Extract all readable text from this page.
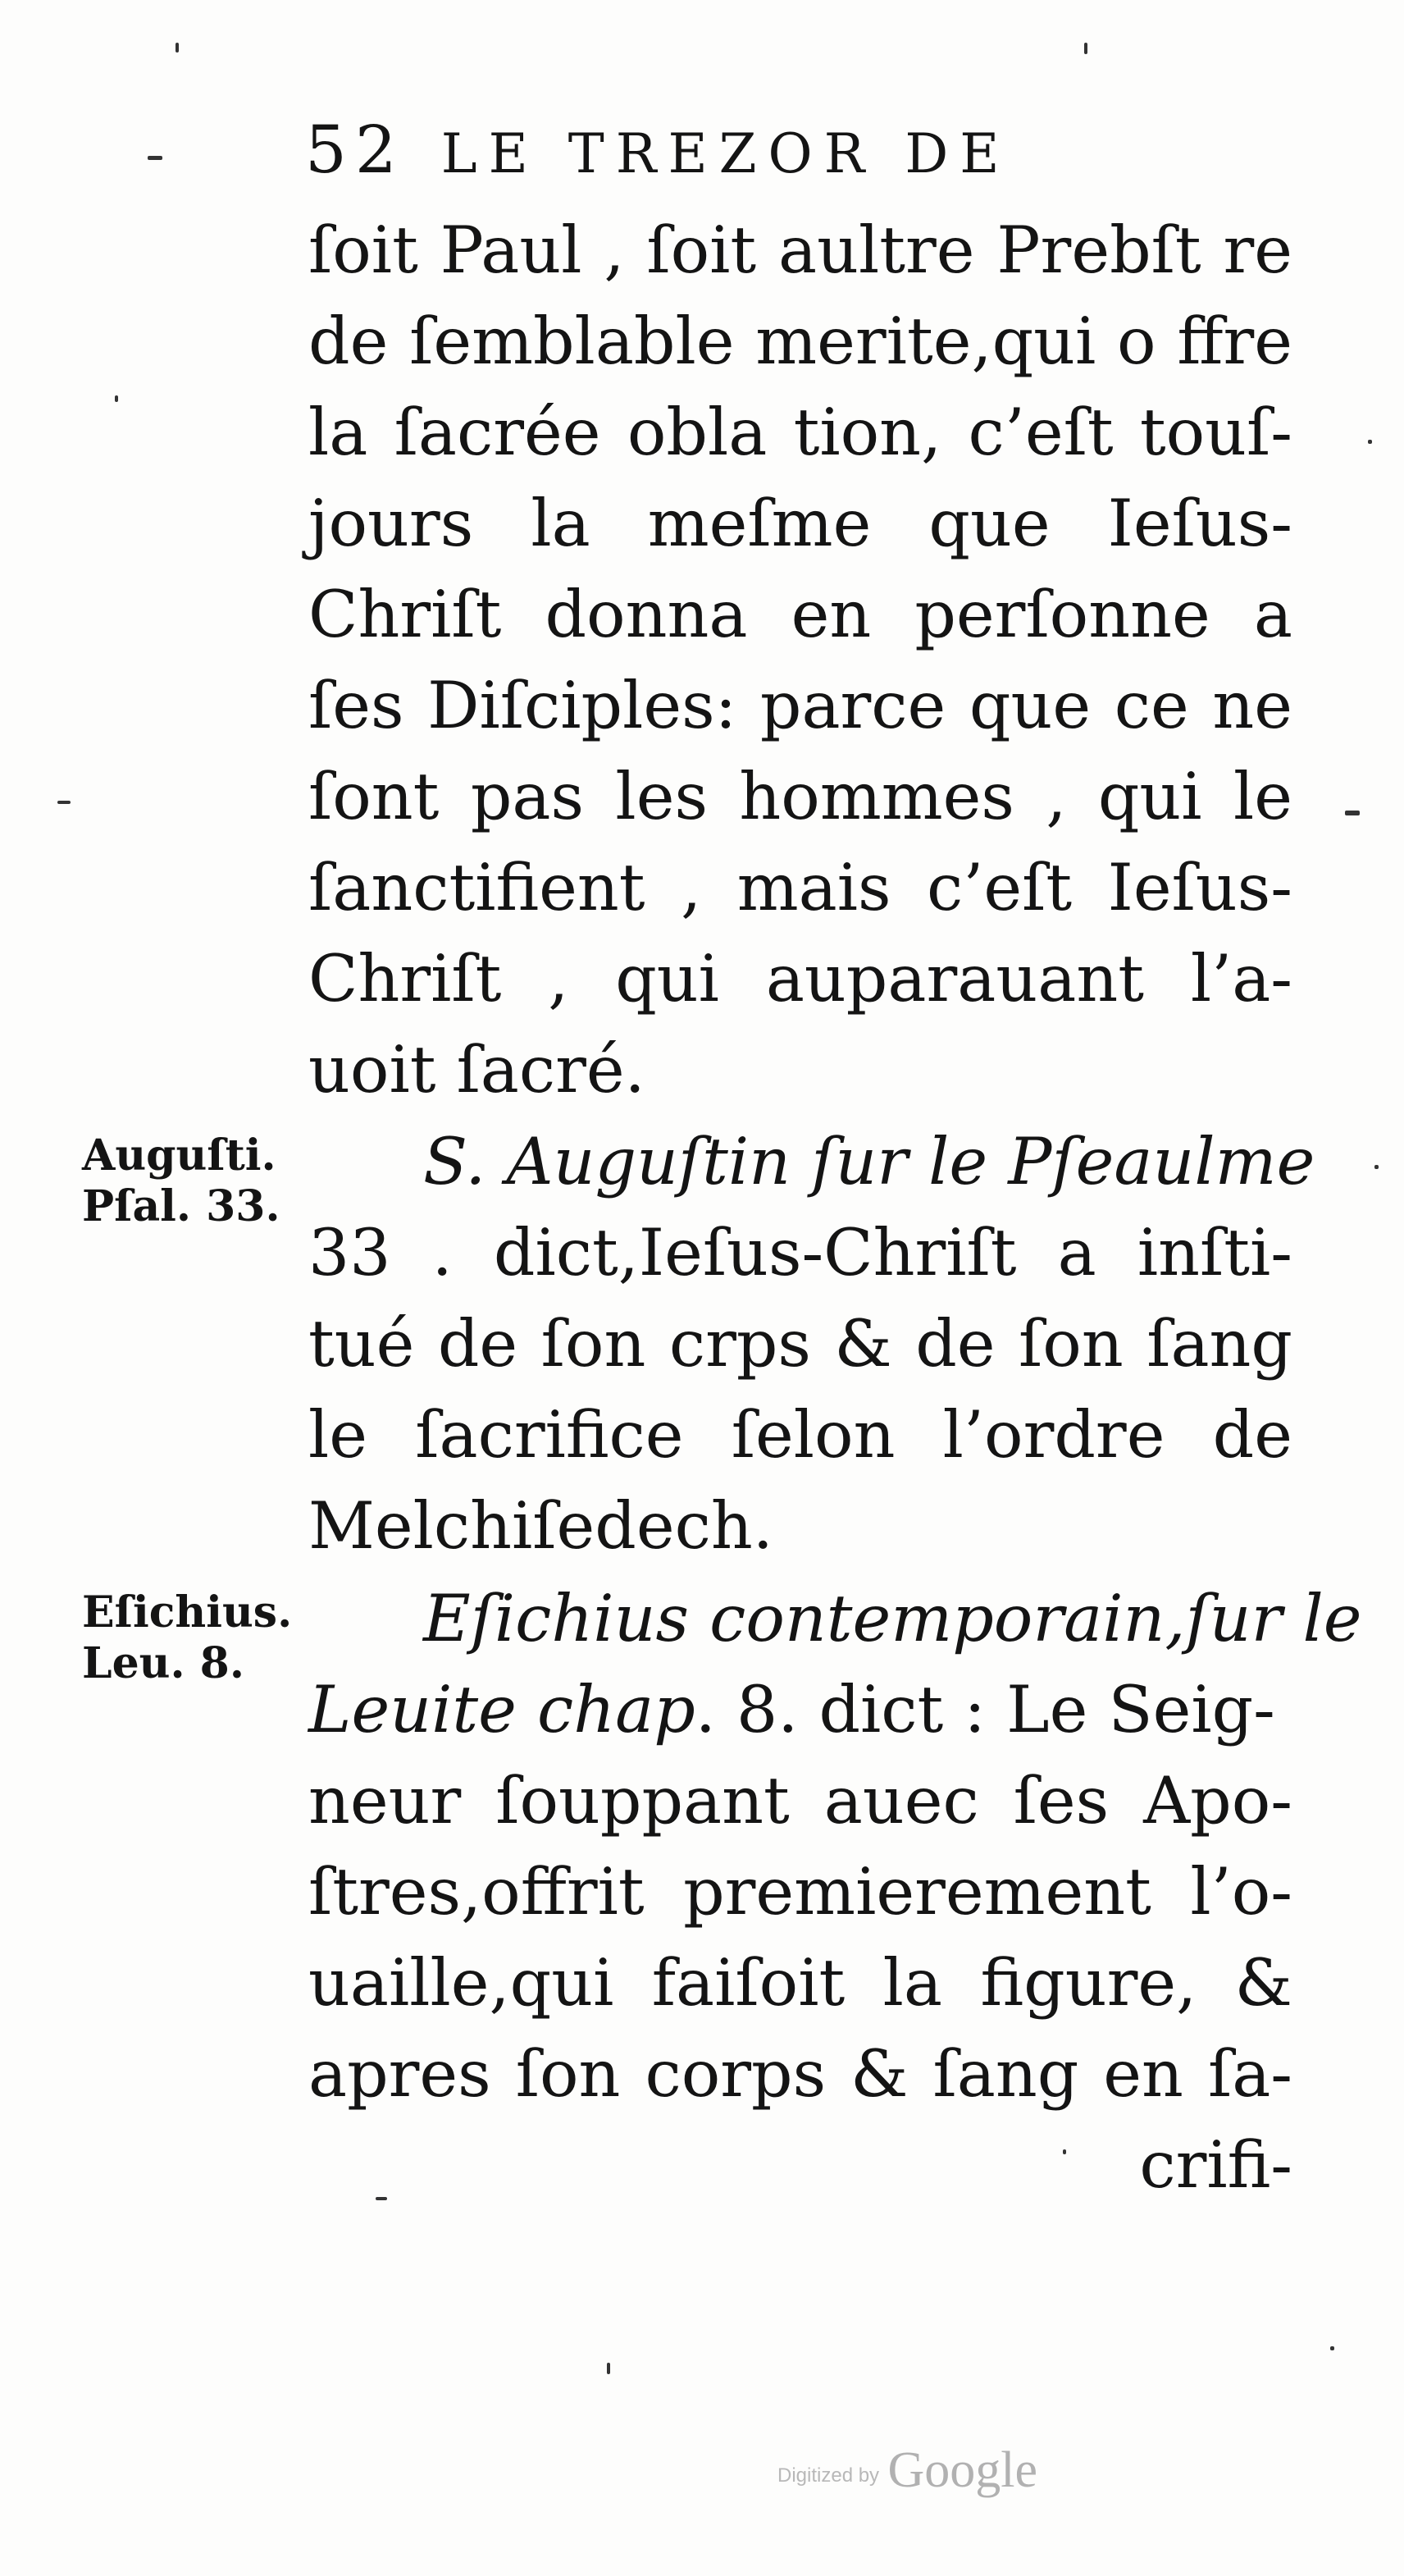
52 LE TREZOR DE
ſoit Paul , ſoit aultre Prebſt re
de ſemblable merite,qui o ffre
la ſacrée obla tion, c’eſt touſ-
jours la meſme que Ieſus-
Chriſt donna en perſonne a
ſes Diſciples: parce que ce ne
ſont pas les hommes , qui le
ſanctifient , mais c’eſt Ieſus-
Chriſt , qui auparauant l’a-
uoit ſacré.
Auguſti.
Pſal. 33.
S. Auguſtin ſur le Pſeaulme
33 . dict,Ieſus-Chriſt a inſti-
tué de ſon crps & de ſon ſang
le ſacrifice ſelon l’ordre de
Melchiſedech.
Eſichius.
Leu. 8.
Eſichius contemporain,ſur le
Leuite chap. 8. dict : Le Seig-
neur ſouppant auec ſes Apo-
ſtres,offrit premierement l’o-
uaille,qui faiſoit la figure, &
apres ſon corps & ſang en ſa-
crifi-
Digitized by Google
